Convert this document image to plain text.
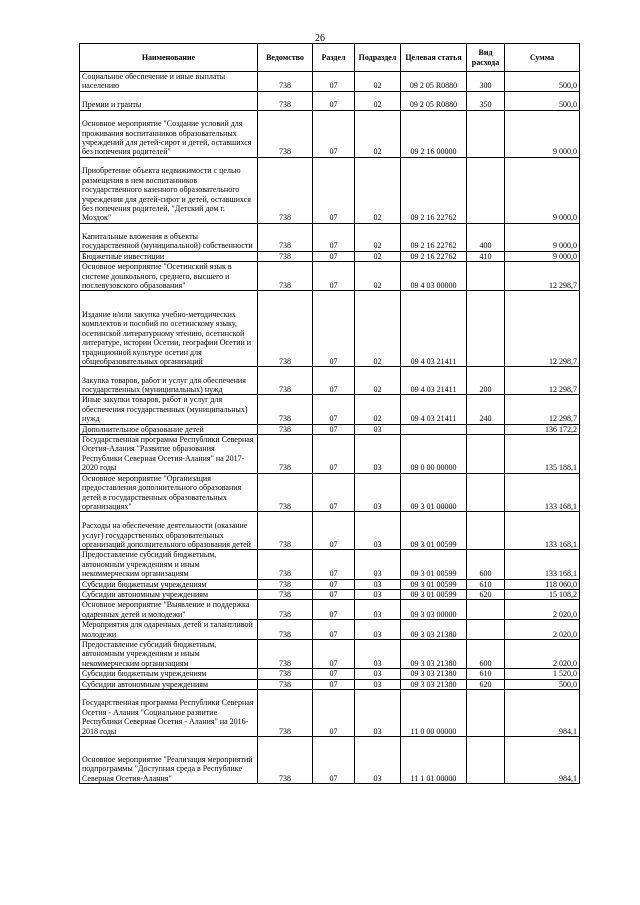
26
Наименование	Ведомство	Раздел	Подраздел	Целевая статья	Вид расхода	Сумма
Социальное обеспечение и иные выплаты населению	738	07	02	09 2 05 R0880	300	500,0
Премии и гранты	738	07	02	09 2 05 R0880	350	500,0
Основное мероприятие "Создание условий для проживания воспитанников образовательных учреждений для детей-сирот и детей, оставшихся без попечения родителей"	738	07	02	09 2 16 00000		9 000,0
Приобретение объекта недвижимости с целью размещения в нем воспитанников государственного казенного образовательного учреждения для детей-сирот и детей, оставшихся без попечения родителей, "Детский дом г. Моздок"	738	07	02	09 2 16 22762		9 000,0
Капитальные вложения в объекты государственной (муниципальной) собственности	738	07	02	09 2 16 22762	400	9 000,0
Бюджетные инвестиции	738	07	02	09 2 16 22762	410	9 000,0
Основное мероприятие "Осетинский язык в системе дошкольного, среднего, высшего и послевузовского образования"	738	07	02	09 4 03 00000		12 298,7
Издание и/или закупка учебно-методических комплектов и пособий по осетинскому языку, осетинской литературному чтению, осетинской литературе, истории Осетии, географии Осетии и традиционной культуре осетин для общеобразовательных организаций	738	07	02	09 4 03 21411		12 298,7
Закупка товаров, работ и услуг для обеспечения государственных (муниципальных) нужд	738	07	02	09 4 03 21411	200	12 298,7
Иные закупки товаров, работ и услуг для обеспечения государственных (муниципальных) нужд	738	07	02	09 4 03 21411	240	12 298,7
Дополнительное образование детей	738	07	03			136 172,2
Государственная программа Республики Северная Осетия-Алания "Развитие образования Республики Северная Осетия-Алания" на 2017-2020 годы	738	07	03	09 0 00 00000		135 188,1
Основное мероприятие "Организация предоставления дополнительного образования детей в государственных образовательных организациях"	738	07	03	09 3 01 00000		133 168,1
Расходы на обеспечение деятельности (оказание услуг) государственных образовательных организаций дополнительного образования детей	738	07	03	09 3 01 00599		133 168,1
Предоставление субсидий бюджетным, автономным учреждениям и иным некоммерческим организациям	738	07	03	09 3 01 00599	600	133 168,1
Субсидии бюджетным учреждениям	738	07	03	09 3 01 00599	610	118 060,0
Субсидии автономным учреждениям	738	07	03	09 3 01 00599	620	15 108,2
Основное мероприятие "Выявление и поддержка одаренных детей и молодежи"	738	07	03	09 3 03 00000		2 020,0
Мероприятия для одаренных детей и талантливой молодежи	738	07	03	09 3 03 21380		2 020,0
Предоставление субсидий бюджетным, автономным учреждениям и иным некоммерческим организациям	738	07	03	09 3 03 21380	600	2 020,0
Субсидии бюджетным учреждениям	738	07	03	09 3 03 21380	610	1 520,0
Субсидии автономным учреждениям	738	07	03	09 3 03 21380	620	500,0
Государственная программа Республики Северная Осетия - Алания "Социальное развитие Республики Северная Осетия - Алания" на 2016-2018 годы	738	07	03	11 0 00 00000		984,1
Основное мероприятие "Реализация мероприятий подпрограммы "Доступная среда в Республике Северная Осетия-Алания"	738	07	03	11 1 01 00000		984,1
